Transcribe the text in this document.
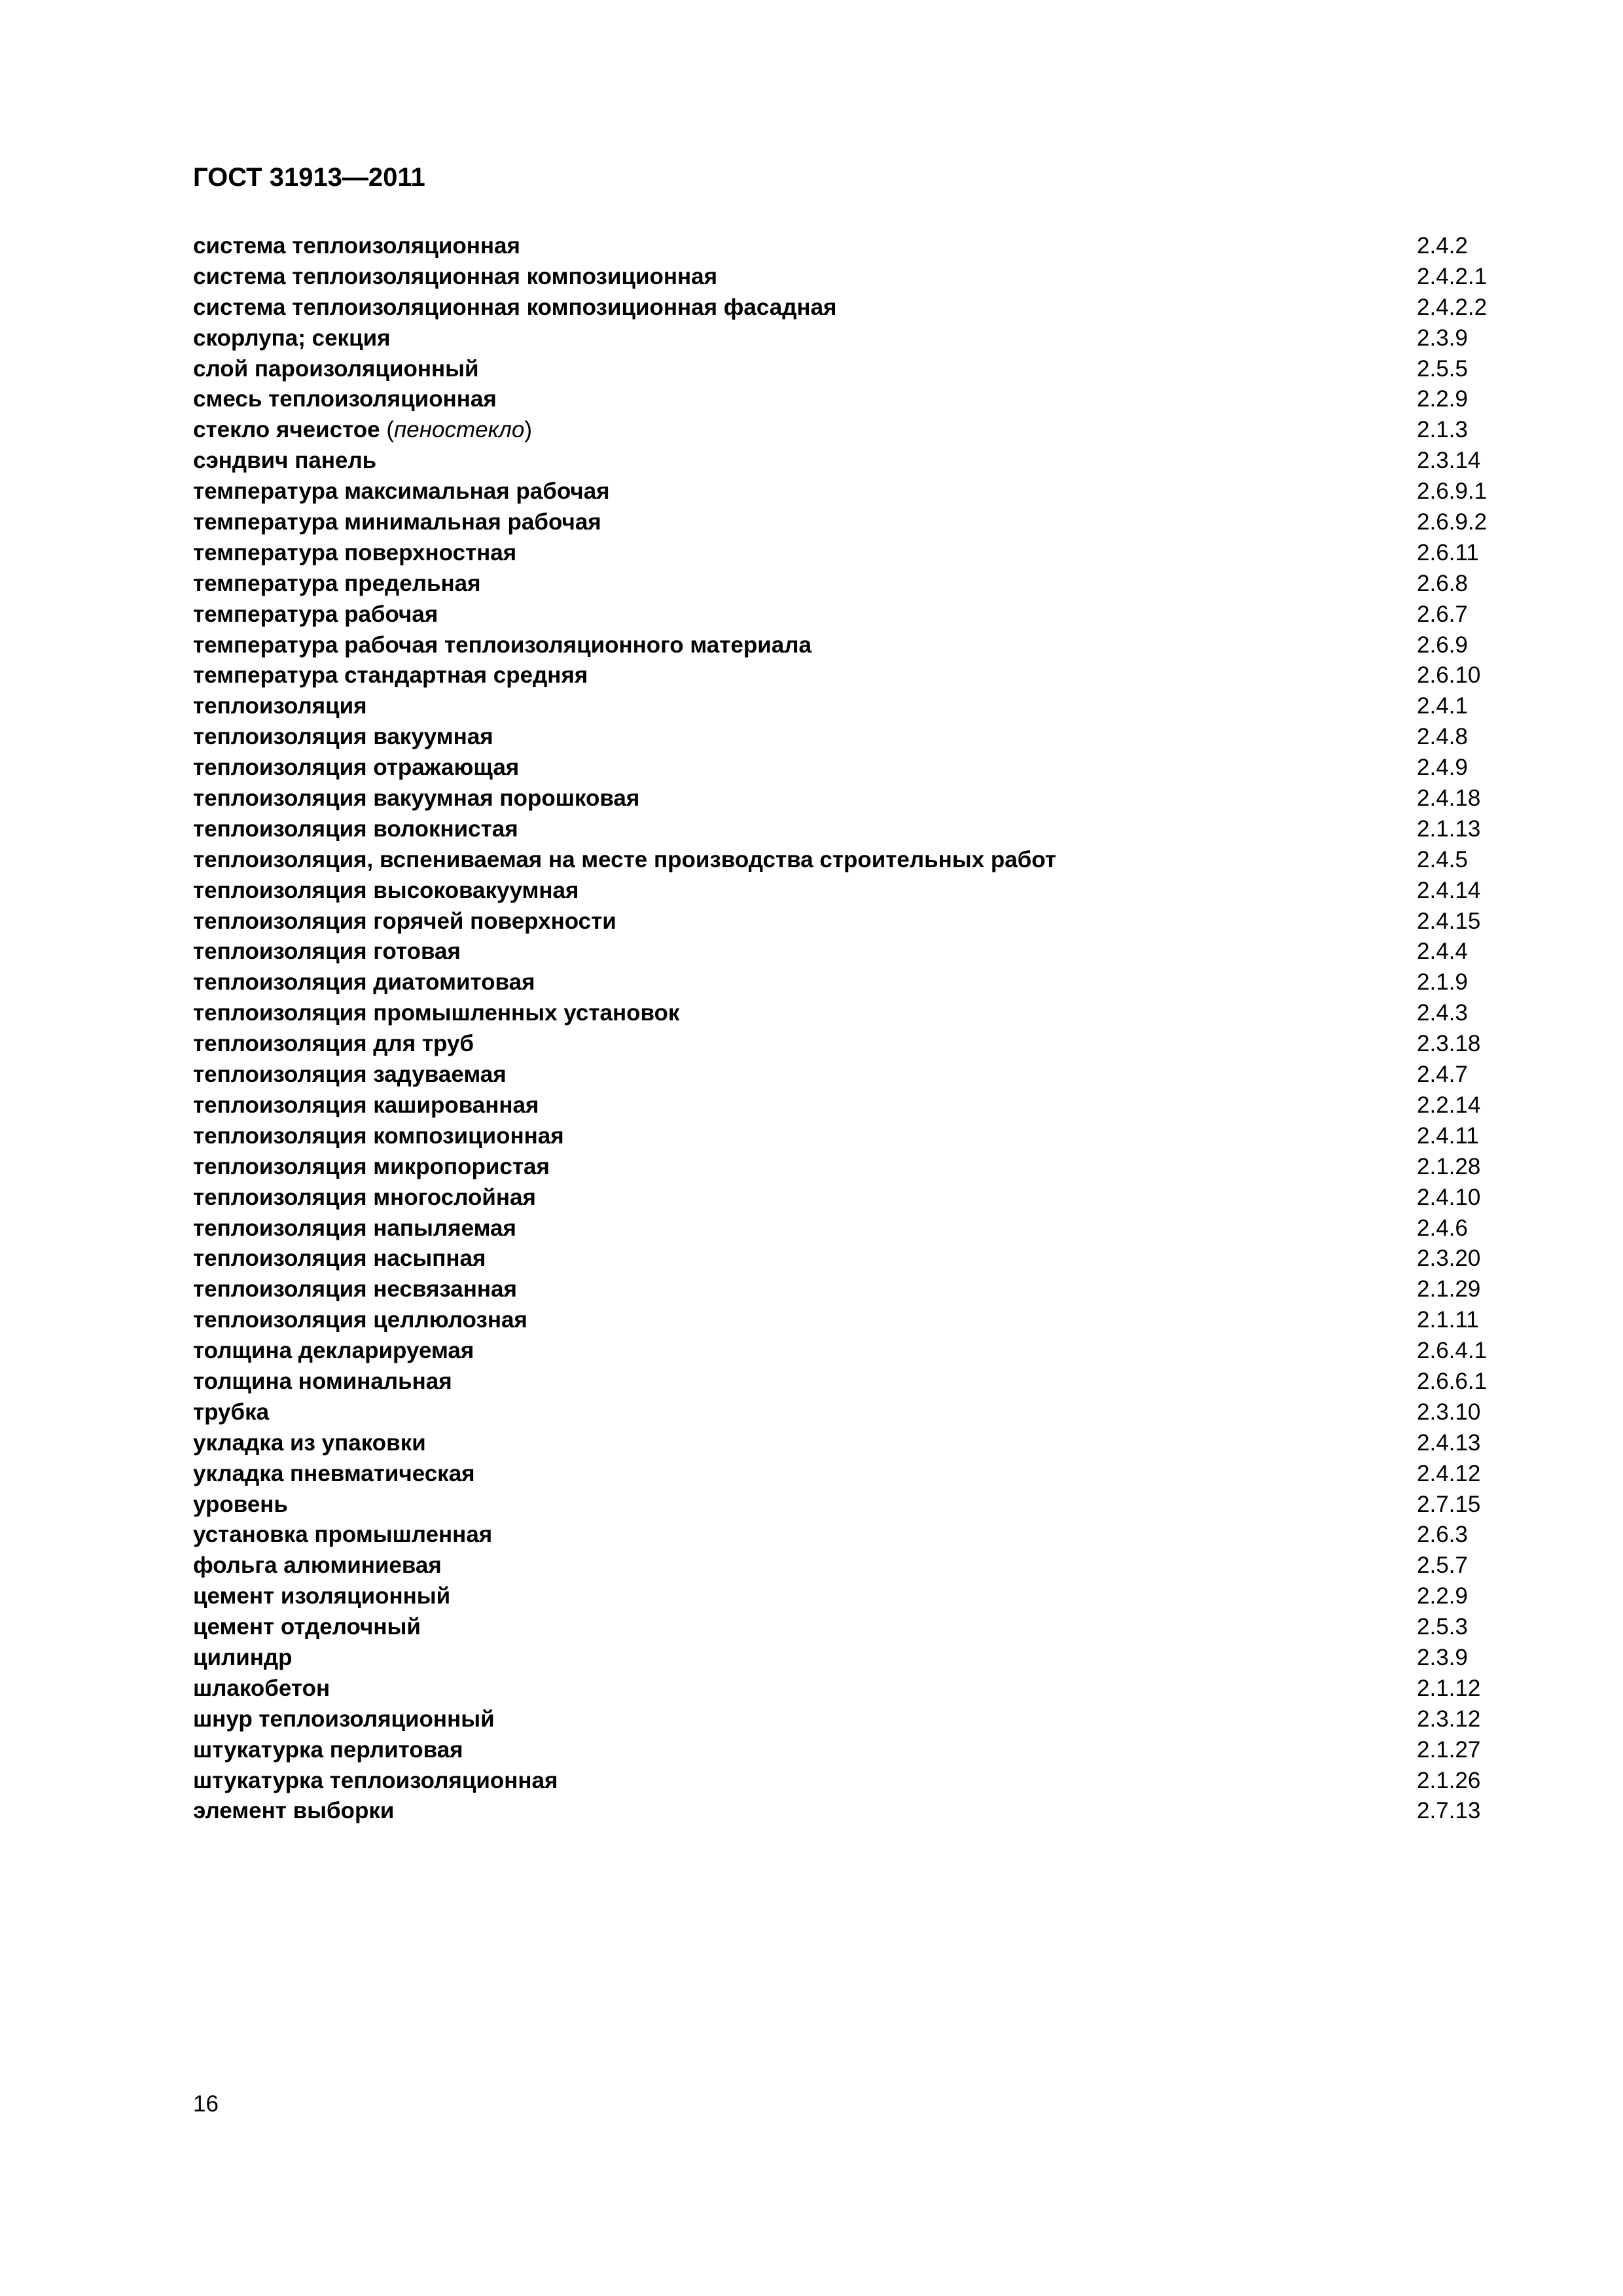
ГОСТ 31913—2011
система теплоизоляционная	2.4.2
система теплоизоляционная композиционная	2.4.2.1
система теплоизоляционная композиционная фасадная	2.4.2.2
скорлупа; секция	2.3.9
слой пароизоляционный	2.5.5
смесь теплоизоляционная	2.2.9
стекло ячеистое (пеностекло)	2.1.3
сэндвич панель	2.3.14
температура максимальная рабочая	2.6.9.1
температура минимальная рабочая	2.6.9.2
температура поверхностная	2.6.11
температура предельная	2.6.8
температура рабочая	2.6.7
температура рабочая теплоизоляционного материала	2.6.9
температура стандартная средняя	2.6.10
теплоизоляция	2.4.1
теплоизоляция вакуумная	2.4.8
теплоизоляция отражающая	2.4.9
теплоизоляция вакуумная порошковая	2.4.18
теплоизоляция волокнистая	2.1.13
теплоизоляция, вспениваемая на месте производства строительных работ	2.4.5
теплоизоляция высоковакуумная	2.4.14
теплоизоляция горячей поверхности	2.4.15
теплоизоляция готовая	2.4.4
теплоизоляция диатомитовая	2.1.9
теплоизоляция промышленных установок	2.4.3
теплоизоляция для труб	2.3.18
теплоизоляция задуваемая	2.4.7
теплоизоляция кашированная	2.2.14
теплоизоляция композиционная	2.4.11
теплоизоляция микропористая	2.1.28
теплоизоляция многослойная	2.4.10
теплоизоляция напыляемая	2.4.6
теплоизоляция насыпная	2.3.20
теплоизоляция несвязанная	2.1.29
теплоизоляция целлюлозная	2.1.11
толщина декларируемая	2.6.4.1
толщина номинальная	2.6.6.1
трубка	2.3.10
укладка из упаковки	2.4.13
укладка пневматическая	2.4.12
уровень	2.7.15
установка промышленная	2.6.3
фольга алюминиевая	2.5.7
цемент изоляционный	2.2.9
цемент отделочный	2.5.3
цилиндр	2.3.9
шлакобетон	2.1.12
шнур теплоизоляционный	2.3.12
штукатурка перлитовая	2.1.27
штукатурка теплоизоляционная	2.1.26
элемент выборки	2.7.13
16
